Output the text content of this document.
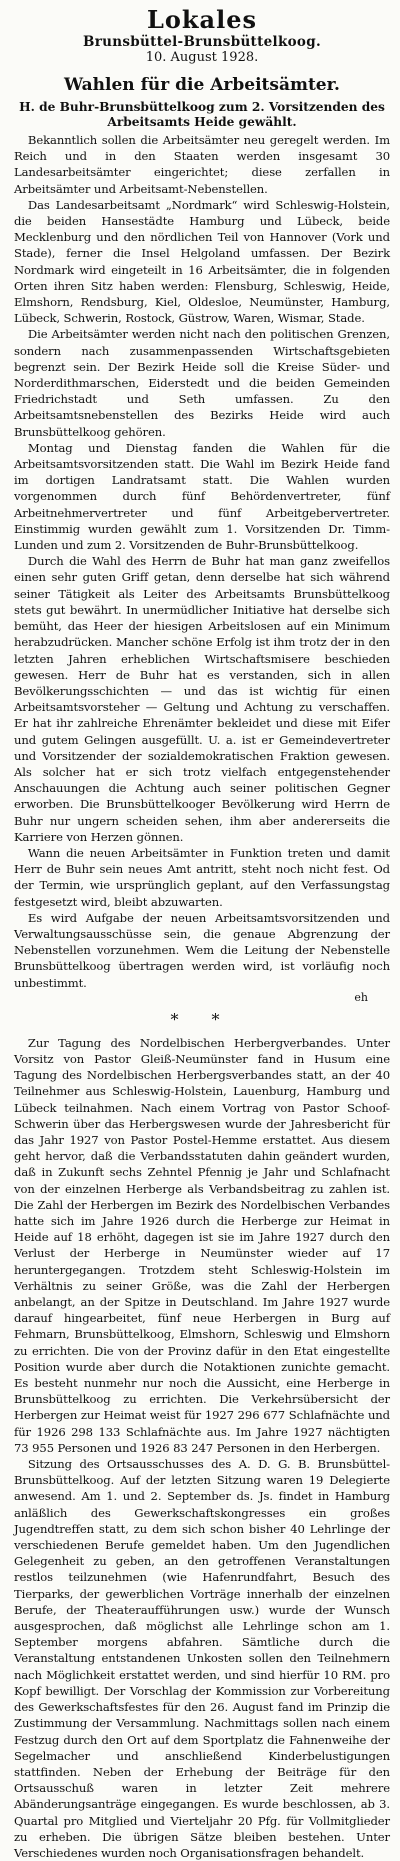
Lokales
Brunsbüttel-Brunsbüttelkoog.
10. August 1928.
Wahlen für die Arbeitsämter.
H. de Buhr-Brunsbüttelkoog zum 2. Vorsitzenden des Arbeitsamts Heide gewählt.

Bekanntlich sollen die Arbeitsämter neu geregelt werden. Im Reich und in den Staaten werden insgesamt 30 Landesarbeitsämter eingerichtet; diese zerfallen in Arbeitsämter und Arbeitsamt-Nebenstellen.

Das Landesarbeitsamt „Nordmark“ wird Schleswig-Holstein, die beiden Hansestädte Hamburg und Lübeck, beide Mecklenburg und den nördlichen Teil von Hannover (Vork und Stade), ferner die Insel Helgoland umfassen. Der Bezirk Nordmark wird eingeteilt in 16 Arbeitsämter, die in folgenden Orten ihren Sitz haben werden: Flensburg, Schleswig, Heide, Elmshorn, Rendsburg, Kiel, Oldesloe, Neumünster, Hamburg, Lübeck, Schwerin, Rostock, Güstrow, Waren, Wismar, Stade.

Die Arbeitsämter werden nicht nach den politischen Grenzen, sondern nach zusammenpassenden Wirtschaftsgebieten begrenzt sein. Der Bezirk Heide soll die Kreise Süder- und Norderdithmarschen, Eiderstedt und die beiden Gemeinden Friedrichstadt und Seth umfassen. Zu den Arbeitsamtsnebenstellen des Bezirks Heide wird auch Brunsbüttelkoog gehören.

Montag und Dienstag fanden die Wahlen für die Arbeitsamtsvorsitzenden statt. Die Wahl im Bezirk Heide fand im dortigen Landratsamt statt. Die Wahlen wurden vorgenommen durch fünf Behördenvertreter, fünf Arbeitnehmervertreter und fünf Arbeitgebervertreter. Einstimmig wurden gewählt zum 1. Vorsitzenden Dr. Timm-Lunden und zum 2. Vorsitzenden de Buhr-Brunsbüttelkoog.

Durch die Wahl des Herrn de Buhr hat man ganz zweifellos einen sehr guten Griff getan, denn derselbe hat sich während seiner Tätigkeit als Leiter des Arbeitsamts Brunsbüttelkoog stets gut bewährt. In unermüdlicher Initiative hat derselbe sich bemüht, das Heer der hiesigen Arbeitslosen auf ein Minimum herabzudrücken. Mancher schöne Erfolg ist ihm trotz der in den letzten Jahren erheblichen Wirtschaftsmisere beschieden gewesen. Herr de Buhr hat es verstanden, sich in allen Bevölkerungsschichten — und das ist wichtig für einen Arbeitsamtsvorsteher — Geltung und Achtung zu verschaffen. Er hat ihr zahlreiche Ehrenämter bekleidet und diese mit Eifer und gutem Gelingen ausgefüllt. U. a. ist er Gemeindevertreter und Vorsitzender der sozialdemokratischen Fraktion gewesen. Als solcher hat er sich trotz vielfach entgegenstehender Anschauungen die Achtung auch seiner politischen Gegner erworben. Die Brunsbüttelkooger Bevölkerung wird Herrn de Buhr nur ungern scheiden sehen, ihm aber andererseits die Karriere von Herzen gönnen.

Wann die neuen Arbeitsämter in Funktion treten und damit Herr de Buhr sein neues Amt antritt, steht noch nicht fest. Od der Termin, wie ursprünglich geplant, auf den Verfassungstag festgesetzt wird, bleibt abzuwarten.

Es wird Aufgabe der neuen Arbeitsamtsvorsitzenden und Verwaltungsausschüsse sein, die genaue Abgrenzung der Nebenstellen vorzunehmen. Wem die Leitung der Nebenstelle Brunsbüttelkoog übertragen werden wird, ist vorläufig noch unbestimmt.

eh
* *

Zur Tagung des Nordelbischen Herbergverbandes. Unter Vorsitz von Pastor Gleiß-Neumünster fand in Husum eine Tagung des Nordelbischen Herbergsverbandes statt, an der 40 Teilnehmer aus Schleswig-Holstein, Lauenburg, Hamburg und Lübeck teilnahmen. Nach einem Vortrag von Pastor Schoof-Schwerin über das Herbergswesen wurde der Jahresbericht für das Jahr 1927 von Pastor Postel-Hemme erstattet. Aus diesem geht hervor, daß die Verbandsstatuten dahin geändert wurden, daß in Zukunft sechs Zehntel Pfennig je Jahr und Schlafnacht von der einzelnen Herberge als Verbandsbeitrag zu zahlen ist. Die Zahl der Herbergen im Bezirk des Nordelbischen Verbandes hatte sich im Jahre 1926 durch die Herberge zur Heimat in Heide auf 18 erhöht, dagegen ist sie im Jahre 1927 durch den Verlust der Herberge in Neumünster wieder auf 17 heruntergegangen. Trotzdem steht Schleswig-Holstein im Verhältnis zu seiner Größe, was die Zahl der Herbergen anbelangt, an der Spitze in Deutschland. Im Jahre 1927 wurde darauf hingearbeitet, fünf neue Herbergen in Burg auf Fehmarn, Brunsbüttelkoog, Elmshorn, Schleswig und Elmshorn zu errichten. Die von der Provinz dafür in den Etat eingestellte Position wurde aber durch die Notaktionen zunichte gemacht. Es besteht nunmehr nur noch die Aussicht, eine Herberge in Brunsbüttelkoog zu errichten. Die Verkehrsübersicht der Herbergen zur Heimat weist für 1927 296 677 Schlafnächte und für 1926 298 133 Schlafnächte aus. Im Jahre 1927 nächtigten 73 955 Personen und 1926 83 247 Personen in den Herbergen.

Sitzung des Ortsausschusses des A. D. G. B. Brunsbüttel-Brunsbüttelkoog. Auf der letzten Sitzung waren 19 Delegierte anwesend. Am 1. und 2. September ds. Js. findet in Hamburg anläßlich des Gewerkschaftskongresses ein großes Jugendtreffen statt, zu dem sich schon bisher 40 Lehrlinge der verschiedenen Berufe gemeldet haben. Um den Jugendlichen Gelegenheit zu geben, an den getroffenen Veranstaltungen restlos teilzunehmen (wie Hafenrundfahrt, Besuch des Tierparks, der gewerblichen Vorträge innerhalb der einzelnen Berufe, der Theateraufführungen usw.) wurde der Wunsch ausgesprochen, daß möglichst alle Lehrlinge schon am 1. September morgens abfahren. Sämtliche durch die Veranstaltung entstandenen Unkosten sollen den Teilnehmern nach Möglichkeit erstattet werden, und sind hierfür 10 RM. pro Kopf bewilligt. Der Vorschlag der Kommission zur Vorbereitung des Gewerkschaftsfestes für den 26. August fand im Prinzip die Zustimmung der Versammlung. Nachmittags sollen nach einem Festzug durch den Ort auf dem Sportplatz die Fahnenweihe der Segelmacher und anschließend Kinderbelustigungen stattfinden. Neben der Erhebung der Beiträge für den Ortsausschuß waren in letzter Zeit mehrere Abänderungsanträge eingegangen. Es wurde beschlossen, ab 3. Quartal pro Mitglied und Vierteljahr 20 Pfg. für Vollmitglieder zu erheben. Die übrigen Sätze bleiben bestehen. Unter Verschiedenes wurden noch Organisationsfragen behandelt.
